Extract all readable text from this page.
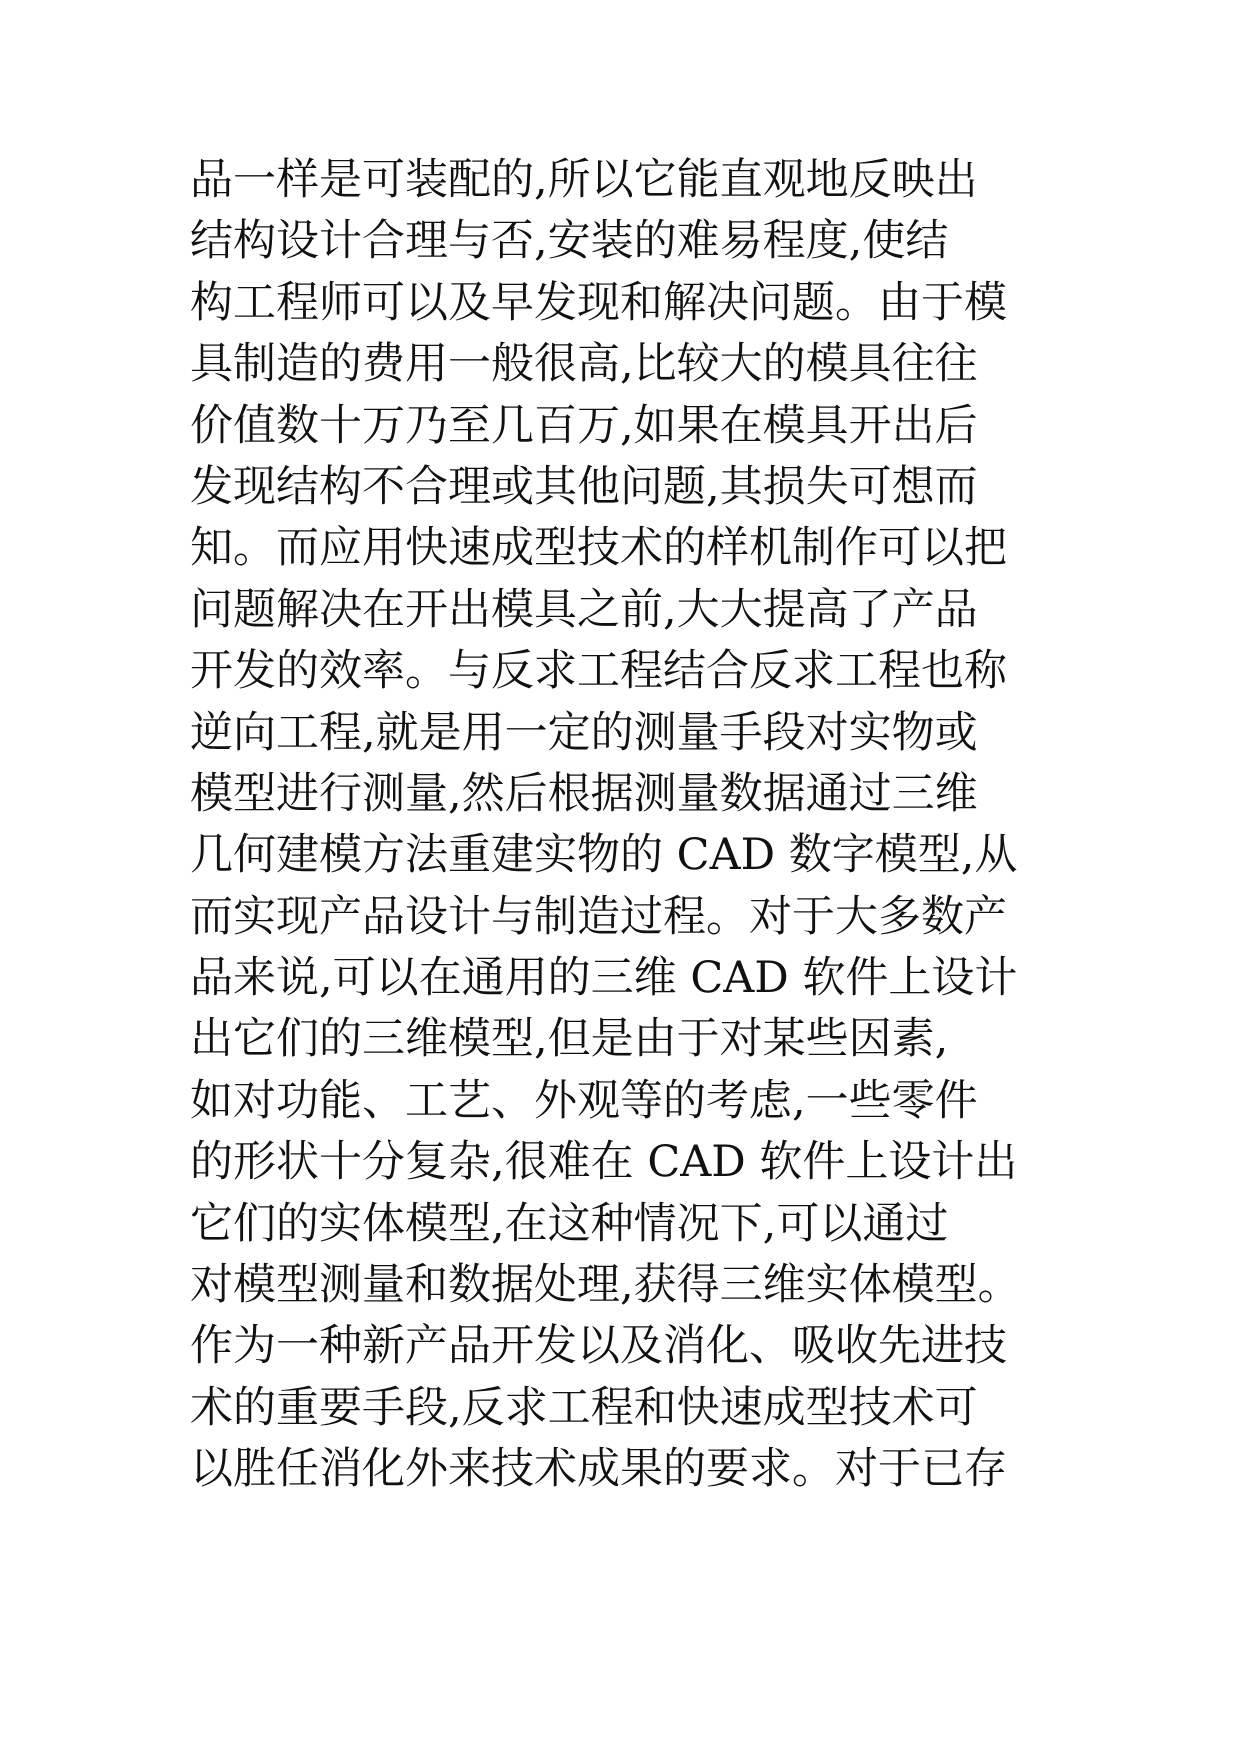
品一样是可装配的,所以它能直观地反映出
结构设计合理与否,安装的难易程度,使结
构工程师可以及早发现和解决问题。由于模
具制造的费用一般很高,比较大的模具往往
价值数十万乃至几百万,如果在模具开出后
发现结构不合理或其他问题,其损失可想而
知。而应用快速成型技术的样机制作可以把
问题解决在开出模具之前,大大提高了产品
开发的效率。与反求工程结合反求工程也称
逆向工程,就是用一定的测量手段对实物或
模型进行测量,然后根据测量数据通过三维
几何建模方法重建实物的 CAD 数字模型,从
而实现产品设计与制造过程。对于大多数产
品来说,可以在通用的三维 CAD 软件上设计
出它们的三维模型,但是由于对某些因素,
如对功能、工艺、外观等的考虑,一些零件
的形状十分复杂,很难在 CAD 软件上设计出
它们的实体模型,在这种情况下,可以通过
对模型测量和数据处理,获得三维实体模型。
作为一种新产品开发以及消化、吸收先进技
术的重要手段,反求工程和快速成型技术可
以胜任消化外来技术成果的要求。对于已存
